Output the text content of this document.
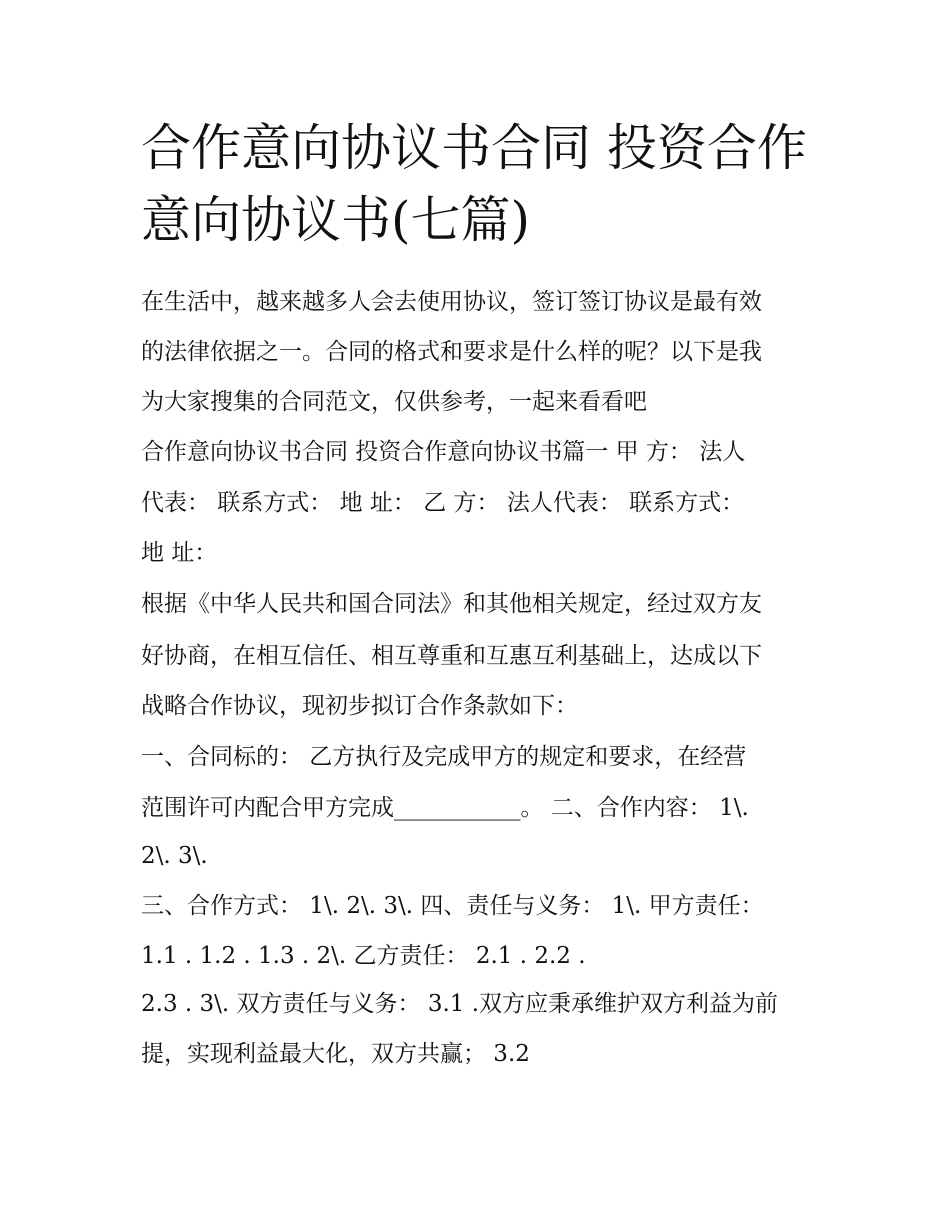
合作意向协议书合同 投资合作
意向协议书(七篇)

在生活中，越来越多人会去使用协议，签订签订协议是最有效

的法律依据之一。合同的格式和要求是什么样的呢？以下是我

为大家搜集的合同范文，仅供参考，一起来看看吧

合作意向协议书合同 投资合作意向协议书篇一 甲 方： 法人

代表： 联系方式： 地 址： 乙 方： 法人代表： 联系方式：

地 址：

根据《中华人民共和国合同法》和其他相关规定，经过双方友

好协商，在相互信任、相互尊重和互惠互利基础上，达成以下

战略合作协议，现初步拟订合作条款如下：

一、合同标的： 乙方执行及完成甲方的规定和要求，在经营

范围许可内配合甲方完成___________。 二、合作内容： 1\.

2\. 3\.

三、合作方式： 1\. 2\. 3\. 四、责任与义务： 1\. 甲方责任：

1.1 . 1.2 . 1.3 . 2\. 乙方责任： 2.1 . 2.2 .

2.3 . 3\. 双方责任与义务： 3.1 .双方应秉承维护双方利益为前

提，实现利益最大化，双方共赢； 3.2
